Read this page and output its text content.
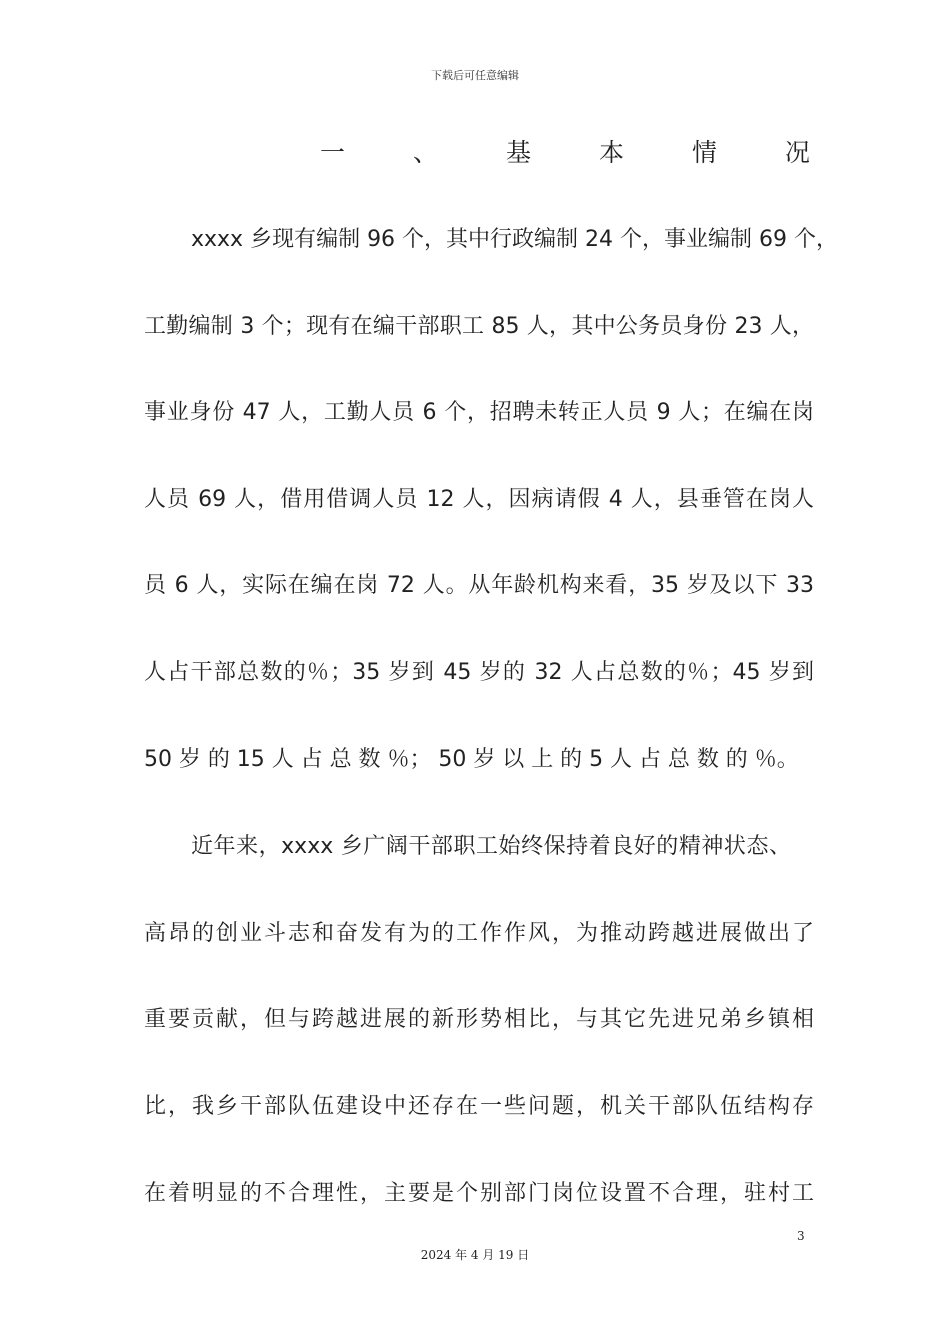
下载后可任意编辑
一	、	基	本	情	况
xxxx 乡现有编制 96 个，其中行政编制 24 个，事业编制 69 个，
工勤编制 3 个；现有在编干部职工 85 人，其中公务员身份 23 人，
事业身份 47 人，工勤人员 6 个，招聘未转正人员 9 人；在编在岗
人员 69 人，借用借调人员 12 人，因病请假 4 人，县垂管在岗人
员 6 人，实际在编在岗 72 人。从年龄机构来看，35 岁及以下 33
人占干部总数的％；35 岁到 45 岁的 32 人占总数的％；45 岁到
50 岁 的 15 人 占 总 数 ％； 50 岁 以 上 的 5 人 占 总 数 的 ％。
近年来，xxxx 乡广阔干部职工始终保持着良好的精神状态、
高昂的创业斗志和奋发有为的工作作风，为推动跨越进展做出了
重要贡献，但与跨越进展的新形势相比，与其它先进兄弟乡镇相
比，我乡干部队伍建设中还存在一些问题，机关干部队伍结构存
在着明显的不合理性，主要是个别部门岗位设置不合理，驻村工
3
2024 年 4 月 19 日
